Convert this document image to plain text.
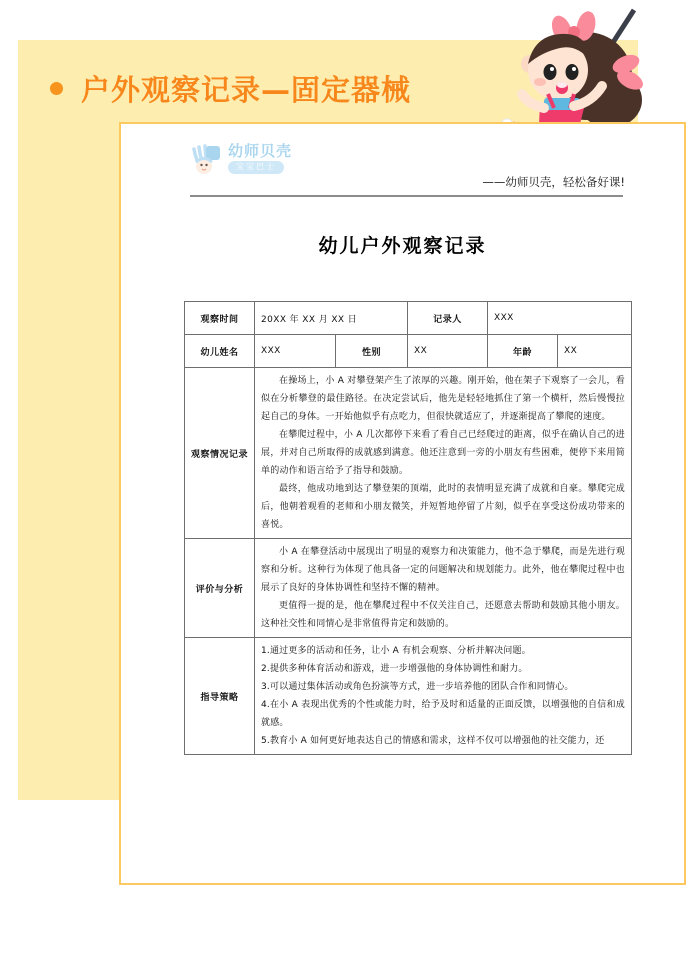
户外观察记录—固定器械
幼师贝壳
宝宝巴士
——幼师贝壳，轻松备好课!
幼儿户外观察记录
观察时间	20XX 年 XX 月 XX 日		记录人	XXX	
幼儿姓名	XXX	性别	XX	年龄	XX
观察情况记录	在操场上，小 A 对攀登架产生了浓厚的兴趣。刚开始，他在架子下观察了一会儿，看似在分析攀登的最佳路径。在决定尝试后，他先是轻轻地抓住了第一个横杆，然后慢慢拉起自己的身体。一开始他似乎有点吃力，但很快就适应了，并逐渐提高了攀爬的速度。

在攀爬过程中，小 A 几次都停下来看了看自己已经爬过的距离，似乎在确认自己的进展，并对自己所取得的成就感到满意。他还注意到一旁的小朋友有些困难，便停下来用简单的动作和语言给予了指导和鼓励。

最终，他成功地到达了攀登架的顶端，此时的表情明显充满了成就和自豪。攀爬完成后，他朝着观看的老师和小朋友微笑，并短暂地停留了片刻，似乎在享受这份成功带来的喜悦。				

评价与分析	小 A 在攀登活动中展现出了明显的观察力和决策能力，他不急于攀爬，而是先进行观察和分析。这种行为体现了他具备一定的问题解决和规划能力。此外，他在攀爬过程中也展示了良好的身体协调性和坚持不懈的精神。

更值得一提的是，他在攀爬过程中不仅关注自己，还愿意去帮助和鼓励其他小朋友。这种社交性和同情心是非常值得肯定和鼓励的。				

指导策略	1.通过更多的活动和任务，让小 A 有机会观察、分析并解决问题。

2.提供多种体育活动和游戏，进一步增强他的身体协调性和耐力。

3.可以通过集体活动或角色扮演等方式，进一步培养他的团队合作和同情心。

4.在小 A 表现出优秀的个性或能力时，给予及时和适量的正面反馈，以增强他的自信和成就感。

5.教育小 A 如何更好地表达自己的情感和需求，这样不仅可以增强他的社交能力，还				
